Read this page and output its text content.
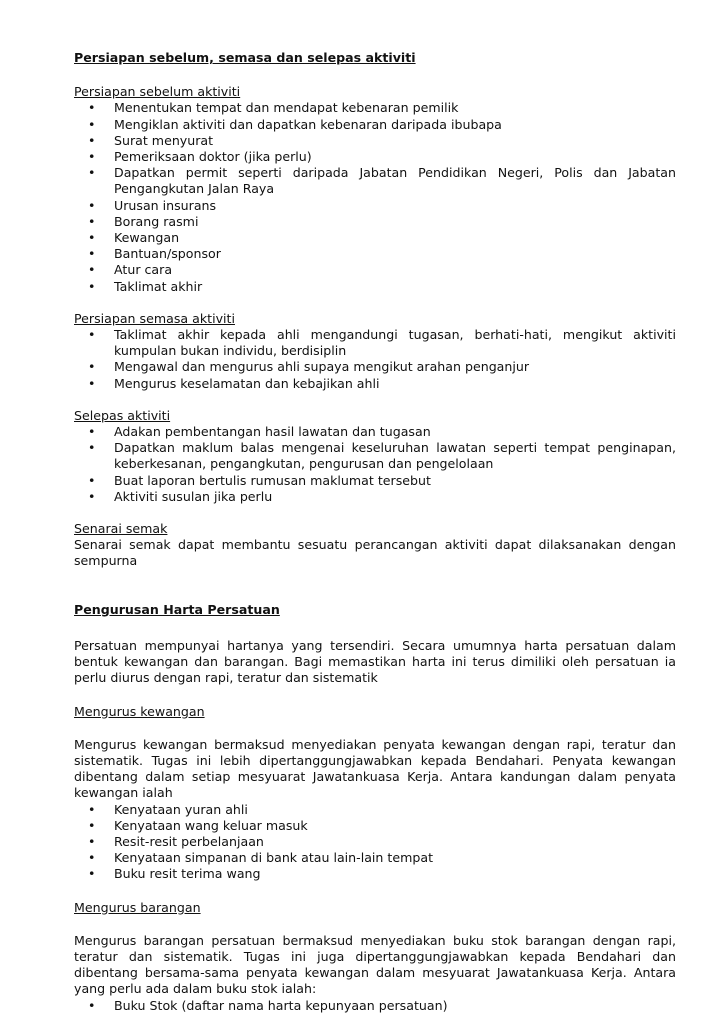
Persiapan sebelum, semasa dan selepas aktiviti

Persiapan sebelum aktiviti

• Menentukan tempat dan mendapat kebenaran pemilik
• Mengiklan aktiviti dan dapatkan kebenaran daripada ibubapa
• Surat menyurat
• Pemeriksaan doktor (jika perlu)
• Dapatkan permit seperti daripada Jabatan Pendidikan Negeri, Polis dan Jabatan Pengangkutan Jalan Raya
• Urusan insurans
• Borang rasmi
• Kewangan
• Bantuan/sponsor
• Atur cara
• Taklimat akhir

Persiapan semasa aktiviti

• Taklimat akhir kepada ahli mengandungi tugasan, berhati-hati, mengikut aktiviti kumpulan bukan individu, berdisiplin
• Mengawal dan mengurus ahli supaya mengikut arahan penganjur
• Mengurus keselamatan dan kebajikan ahli

Selepas aktiviti

• Adakan pembentangan hasil lawatan dan tugasan
• Dapatkan maklum balas mengenai keseluruhan lawatan seperti tempat penginapan, keberkesanan, pengangkutan, pengurusan dan pengelolaan
• Buat laporan bertulis rumusan maklumat tersebut
• Aktiviti susulan jika perlu

Senarai semak

Senarai semak dapat membantu sesuatu perancangan aktiviti dapat dilaksanakan dengan sempurna

Pengurusan Harta Persatuan

Persatuan mempunyai hartanya yang tersendiri. Secara umumnya harta persatuan dalam bentuk kewangan dan barangan. Bagi memastikan harta ini terus dimiliki oleh persatuan ia perlu diurus dengan rapi, teratur dan sistematik

Mengurus kewangan

Mengurus kewangan bermaksud menyediakan penyata kewangan dengan rapi, teratur dan sistematik. Tugas ini lebih dipertanggungjawabkan kepada Bendahari. Penyata kewangan dibentang dalam setiap mesyuarat Jawatankuasa Kerja. Antara kandungan dalam penyata kewangan ialah

• Kenyataan yuran ahli
• Kenyataan wang keluar masuk
• Resit-resit perbelanjaan
• Kenyataan simpanan di bank atau lain-lain tempat
• Buku resit terima wang

Mengurus barangan

Mengurus barangan persatuan bermaksud menyediakan buku stok barangan dengan rapi, teratur dan sistematik. Tugas ini juga dipertanggungjawabkan kepada Bendahari dan dibentang bersama-sama penyata kewangan dalam mesyuarat Jawatankuasa Kerja. Antara yang perlu ada dalam buku stok ialah:

• Buku Stok (daftar nama harta kepunyaan persatuan)
